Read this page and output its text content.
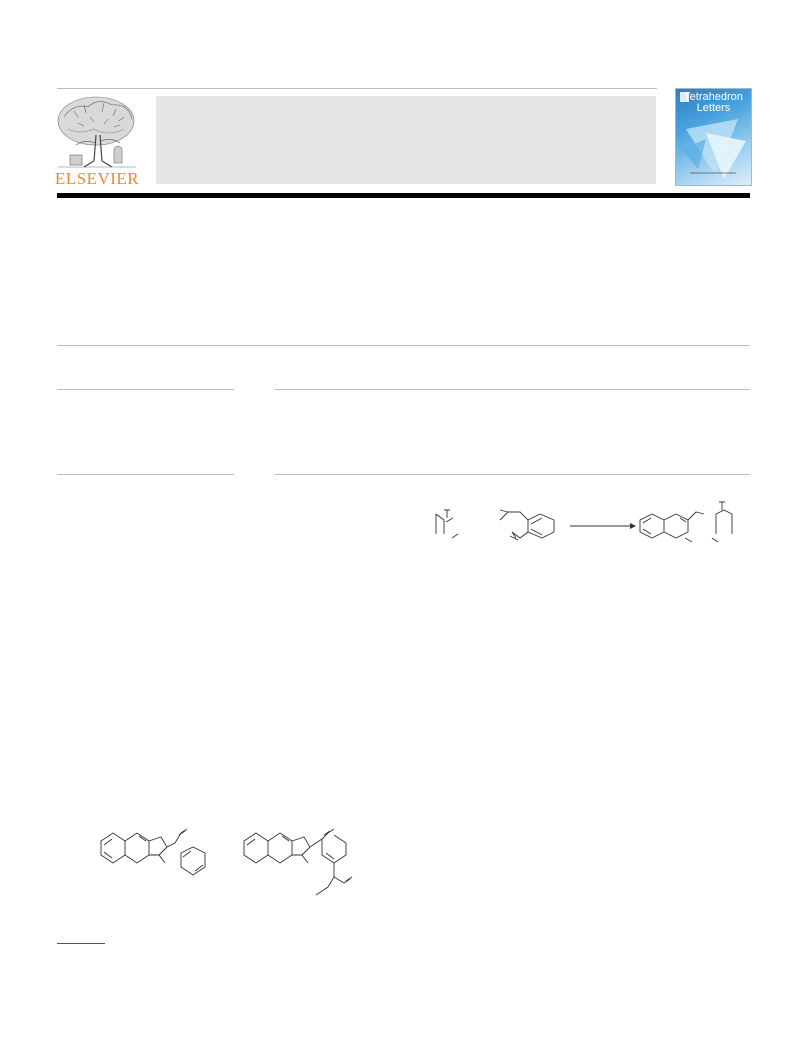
ELSEVIER
Tetrahedron
Letters
